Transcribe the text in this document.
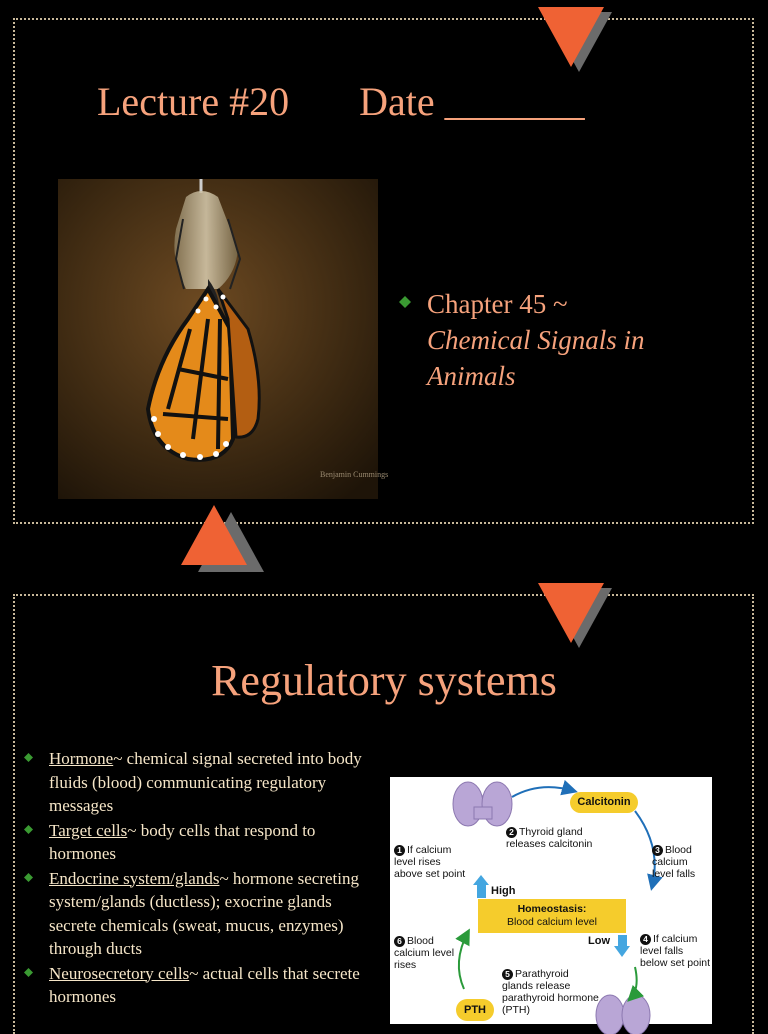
Lecture #20       Date _______
Benjamin Cummings
Chapter 45 ~
Chemical Signals in Animals
Regulatory systems
Hormone~ chemical signal secreted into body fluids (blood) communicating regulatory messages
Target cells~ body cells that respond to hormones
Endocrine system/glands~ hormone secreting system/glands (ductless); exocrine glands secrete chemicals (sweat, mucus, enzymes) through ducts
Neurosecretory cells~ actual cells that secrete hormones
Calcitonin
PTH
2 Thyroid gland releases calcitonin
1 If calcium level rises above set point
3 Blood calcium level falls
4 If calcium level falls below set point
5 Parathyroid glands release parathyroid hormone (PTH)
6 Blood calcium level rises
High
Low
Homeostasis:
Blood calcium level
